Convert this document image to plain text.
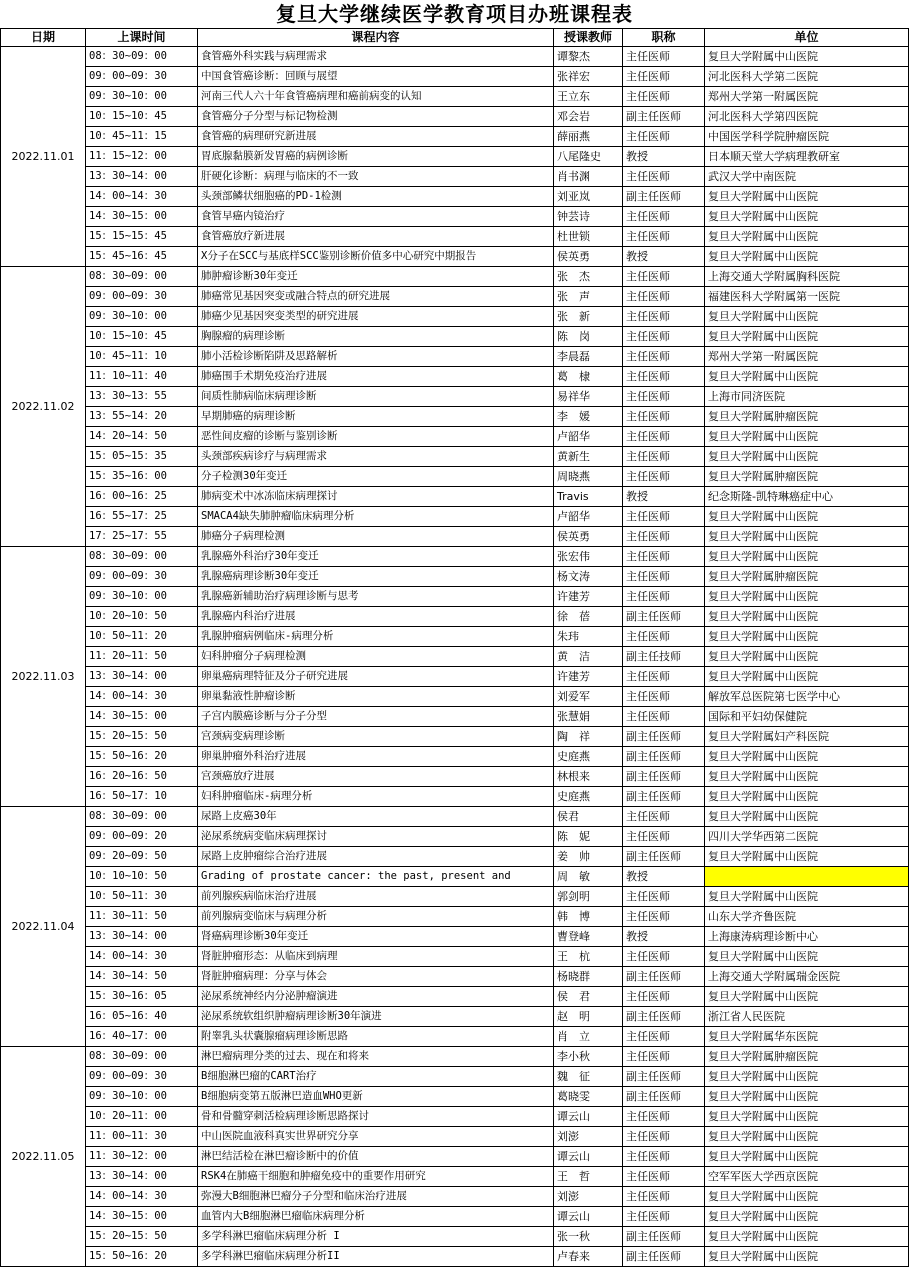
复旦大学继续医学教育项目办班课程表
日期	上课时间	课程内容	授课教师	职称	单位
2022.11.01	08：30~09：00	食管癌外科实践与病理需求	谭黎杰	主任医师	复旦大学附属中山医院
	09：00~09：30	中国食管癌诊断：回顾与展望	张祥宏	主任医师	河北医科大学第二医院
	09：30~10：00	河南三代人六十年食管癌病理和癌前病变的认知	王立东	主任医师	郑州大学第一附属医院
	10：15~10：45	食管癌分子分型与标记物检测	邓会岩	副主任医师	河北医科大学第四医院
	10：45~11：15	食管癌的病理研究新进展	薛丽燕	主任医师	中国医学科学院肿瘤医院
	11：15~12：00	胃底腺黏膜新发胃癌的病例诊断	八尾隆史	教授	日本顺天堂大学病理教研室
	13：30~14：00	肝硬化诊断：病理与临床的不一致	肖书渊	主任医师	武汉大学中南医院
	14：00~14：30	头颈部鳞状细胞癌的PD-1检测	刘亚岚	副主任医师	复旦大学附属中山医院
	14：30~15：00	食管早癌内镜治疗	钟芸诗	主任医师	复旦大学附属中山医院
	15：15~15：45	食管癌放疗新进展	杜世锁	主任医师	复旦大学附属中山医院
	15：45~16：45	X分子在SCC与基底样SCC鉴别诊断价值多中心研究中期报告	侯英勇	教授	复旦大学附属中山医院
2022.11.02	08：30~09：00	肺肿瘤诊断30年变迁	张　杰	主任医师	上海交通大学附属胸科医院
	09：00~09：30	肺癌常见基因突变或融合特点的研究进展	张　声	主任医师	福建医科大学附属第一医院
	09：30~10：00	肺癌少见基因突变类型的研究进展	张　新	主任医师	复旦大学附属中山医院
	10：15~10：45	胸腺瘤的病理诊断	陈　岗	主任医师	复旦大学附属中山医院
	10：45~11：10	肺小活检诊断陷阱及思路解析	李晨磊	主任医师	郑州大学第一附属医院
	11：10~11：40	肺癌围手术期免疫治疗进展	葛　棣	主任医师	复旦大学附属中山医院
	13：30~13：55	间质性肺病临床病理诊断	易祥华	主任医师	上海市同济医院
	13：55~14：20	早期肺癌的病理诊断	李　媛	主任医师	复旦大学附属肿瘤医院
	14：20~14：50	恶性间皮瘤的诊断与鉴别诊断	卢韶华	主任医师	复旦大学附属中山医院
	15：05~15：35	头颈部疾病诊疗与病理需求	黄新生	主任医师	复旦大学附属中山医院
	15：35~16：00	分子检测30年变迁	周晓燕	主任医师	复旦大学附属肿瘤医院
	16：00~16：25	肺病变术中冰冻临床病理探讨	Travis	教授	纪念斯隆-凯特琳癌症中心
	16：55~17：25	SMACA4缺失肺肿瘤临床病理分析	卢韶华	主任医师	复旦大学附属中山医院
	17：25~17：55	肺癌分子病理检测	侯英勇	主任医师	复旦大学附属中山医院
2022.11.03	08：30~09：00	乳腺癌外科治疗30年变迁	张宏伟	主任医师	复旦大学附属中山医院
	09：00~09：30	乳腺癌病理诊断30年变迁	杨文涛	主任医师	复旦大学附属肿瘤医院
	09：30~10：00	乳腺癌新辅助治疗病理诊断与思考	许建芳	主任医师	复旦大学附属中山医院
	10：20~10：50	乳腺癌内科治疗进展	徐　蓓	副主任医师	复旦大学附属中山医院
	10：50~11：20	乳腺肿瘤病例临床-病理分析	朱玮	主任医师	复旦大学附属中山医院
	11：20~11：50	妇科肿瘤分子病理检测	黄　洁	副主任技师	复旦大学附属中山医院
	13：30~14：00	卵巢癌病理特征及分子研究进展	许建芳	主任医师	复旦大学附属中山医院
	14：00~14：30	卵巢黏液性肿瘤诊断	刘爱军	主任医师	解放军总医院第七医学中心
	14：30~15：00	子宫内膜癌诊断与分子分型	张慧娟	主任医师	国际和平妇幼保健院
	15：20~15：50	宫颈病变病理诊断	陶　祥	副主任医师	复旦大学附属妇产科医院
	15：50~16：20	卵巢肿瘤外科治疗进展	史庭燕	副主任医师	复旦大学附属中山医院
	16：20~16：50	宫颈癌放疗进展	林根来	副主任医师	复旦大学附属中山医院
	16：50~17：10	妇科肿瘤临床-病理分析	史庭燕	副主任医师	复旦大学附属中山医院
2022.11.04	08：30~09：00	尿路上皮癌30年	侯君	主任医师	复旦大学附属中山医院
	09：00~09：20	泌尿系统病变临床病理探讨	陈　妮	主任医师	四川大学华西第二医院
	09：20~09：50	尿路上皮肿瘤综合治疗进展	姜　帅	副主任医师	复旦大学附属中山医院
	10：10~10：50	Grading of prostate cancer: the past, present and	周　敏	教授	
	10：50~11：30	前列腺疾病临床治疗进展	郭剑明	主任医师	复旦大学附属中山医院
	11：30~11：50	前列腺病变临床与病理分析	韩　博	主任医师	山东大学齐鲁医院
	13：30~14：00	肾癌病理诊断30年变迁	曹登峰	教授	上海康涛病理诊断中心
	14：00~14：30	肾脏肿瘤形态：从临床到病理	王　杭	主任医师	复旦大学附属中山医院
	14：30~14：50	肾脏肿瘤病理：分享与体会	杨晓群	副主任医师	上海交通大学附属瑞金医院
	15：30~16：05	泌尿系统神经内分泌肿瘤演进	侯　君	主任医师	复旦大学附属中山医院
	16：05~16：40	泌尿系统软组织肿瘤病理诊断30年演进	赵　明	副主任医师	浙江省人民医院
	16：40~17：00	附睾乳头状囊腺瘤病理诊断思路	肖　立	主任医师	复旦大学附属华东医院
2022.11.05	08：30~09：00	淋巴瘤病理分类的过去、现在和将来	李小秋	主任医师	复旦大学附属肿瘤医院
	09：00~09：30	B细胞淋巴瘤的CART治疗	魏　征	副主任医师	复旦大学附属中山医院
	09：30~10：00	B细胞病变第五版淋巴造血WHO更新	葛晓雯	副主任医师	复旦大学附属中山医院
	10：20~11：00	骨和骨髓穿刺活检病理诊断思路探讨	谭云山	主任医师	复旦大学附属中山医院
	11：00~11：30	中山医院血液科真实世界研究分享	刘澎	主任医师	复旦大学附属中山医院
	11：30~12：00	淋巴结活检在淋巴瘤诊断中的价值	谭云山	主任医师	复旦大学附属中山医院
	13：30~14：00	RSK4在肺癌干细胞和肿瘤免疫中的重要作用研究	王　哲	主任医师	空军军医大学西京医院
	14：00~14：30	弥漫大B细胞淋巴瘤分子分型和临床治疗进展	刘澎	主任医师	复旦大学附属中山医院
	14：30~15：00	血管内大B细胞淋巴瘤临床病理分析	谭云山	主任医师	复旦大学附属中山医院
	15：20~15：50	多学科淋巴瘤临床病理分析 I	张一秋	副主任医师	复旦大学附属中山医院
	15：50~16：20	多学科淋巴瘤临床病理分析II	卢春来	副主任医师	复旦大学附属中山医院
